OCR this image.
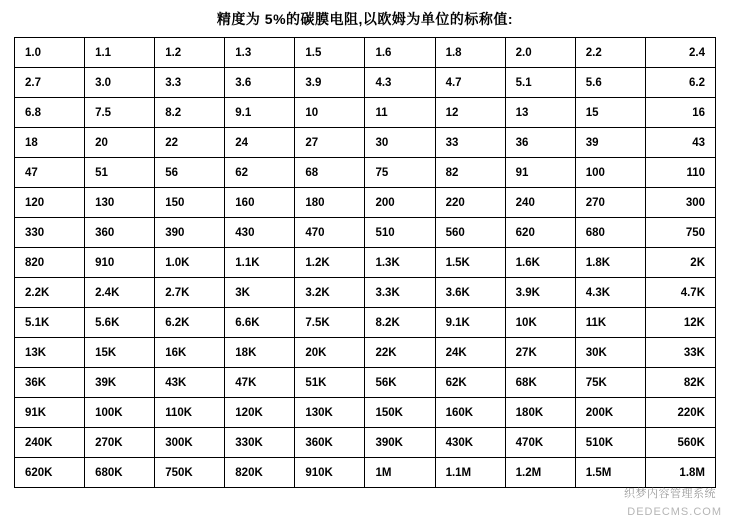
精度为 5%的碳膜电阻,以欧姆为单位的标称值:
1.0	1.1	1.2	1.3	1.5	1.6	1.8	2.0	2.2	2.4
2.7	3.0	3.3	3.6	3.9	4.3	4.7	5.1	5.6	6.2
6.8	7.5	8.2	9.1	10	11	12	13	15	16
18	20	22	24	27	30	33	36	39	43
47	51	56	62	68	75	82	91	100	110
120	130	150	160	180	200	220	240	270	300
330	360	390	430	470	510	560	620	680	750
820	910	1.0K	1.1K	1.2K	1.3K	1.5K	1.6K	1.8K	2K
2.2K	2.4K	2.7K	3K	3.2K	3.3K	3.6K	3.9K	4.3K	4.7K
5.1K	5.6K	6.2K	6.6K	7.5K	8.2K	9.1K	10K	11K	12K
13K	15K	16K	18K	20K	22K	24K	27K	30K	33K
36K	39K	43K	47K	51K	56K	62K	68K	75K	82K
91K	100K	110K	120K	130K	150K	160K	180K	200K	220K
240K	270K	300K	330K	360K	390K	430K	470K	510K	560K
620K	680K	750K	820K	910K	1M	1.1M	1.2M	1.5M	1.8M
织梦内容管理系统
DEDECMS.COM
